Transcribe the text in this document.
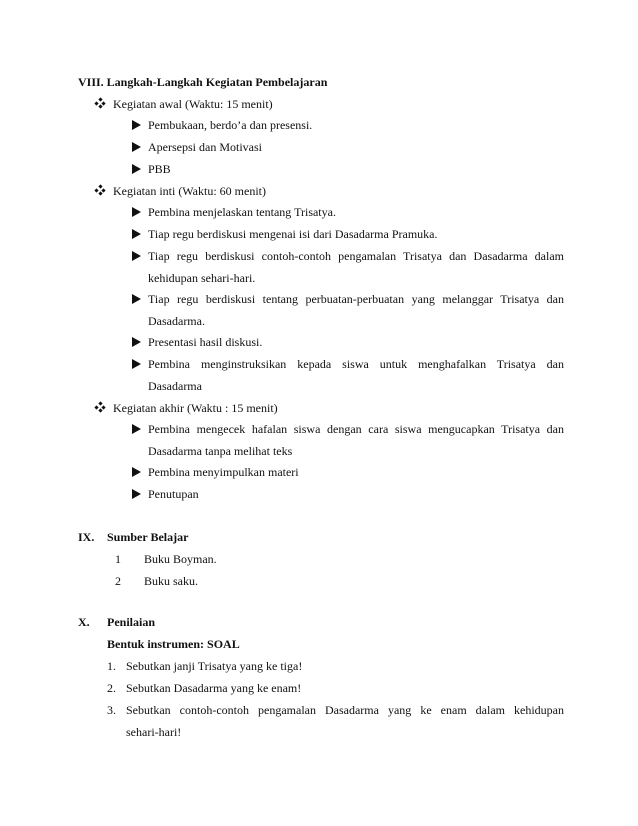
VIII. Langkah-Langkah Kegiatan Pembelajaran
Kegiatan awal (Waktu: 15 menit)
Pembukaan, berdo’a dan presensi.
Apersepsi dan Motivasi
PBB
Kegiatan inti (Waktu: 60 menit)
Pembina menjelaskan tentang Trisatya.
Tiap regu berdiskusi mengenai isi dari Dasadarma Pramuka.
Tiap regu berdiskusi contoh-contoh pengamalan Trisatya dan Dasadarma dalam
kehidupan sehari-hari.
Tiap regu berdiskusi tentang perbuatan-perbuatan yang melanggar Trisatya dan
Dasadarma.
Presentasi hasil diskusi.
Pembina menginstruksikan kepada siswa untuk menghafalkan Trisatya dan
Dasadarma
Kegiatan akhir (Waktu : 15 menit)
Pembina mengecek hafalan siswa dengan cara siswa mengucapkan Trisatya dan
Dasadarma tanpa melihat teks
Pembina menyimpulkan materi
Penutupan
IX. Sumber Belajar
1 Buku Boyman.
2 Buku saku.
X. Penilaian
Bentuk instrumen: SOAL
1. Sebutkan janji Trisatya yang ke tiga!
2. Sebutkan Dasadarma yang ke enam!
3. Sebutkan contoh-contoh pengamalan Dasadarma yang ke enam dalam kehidupan
sehari-hari!
